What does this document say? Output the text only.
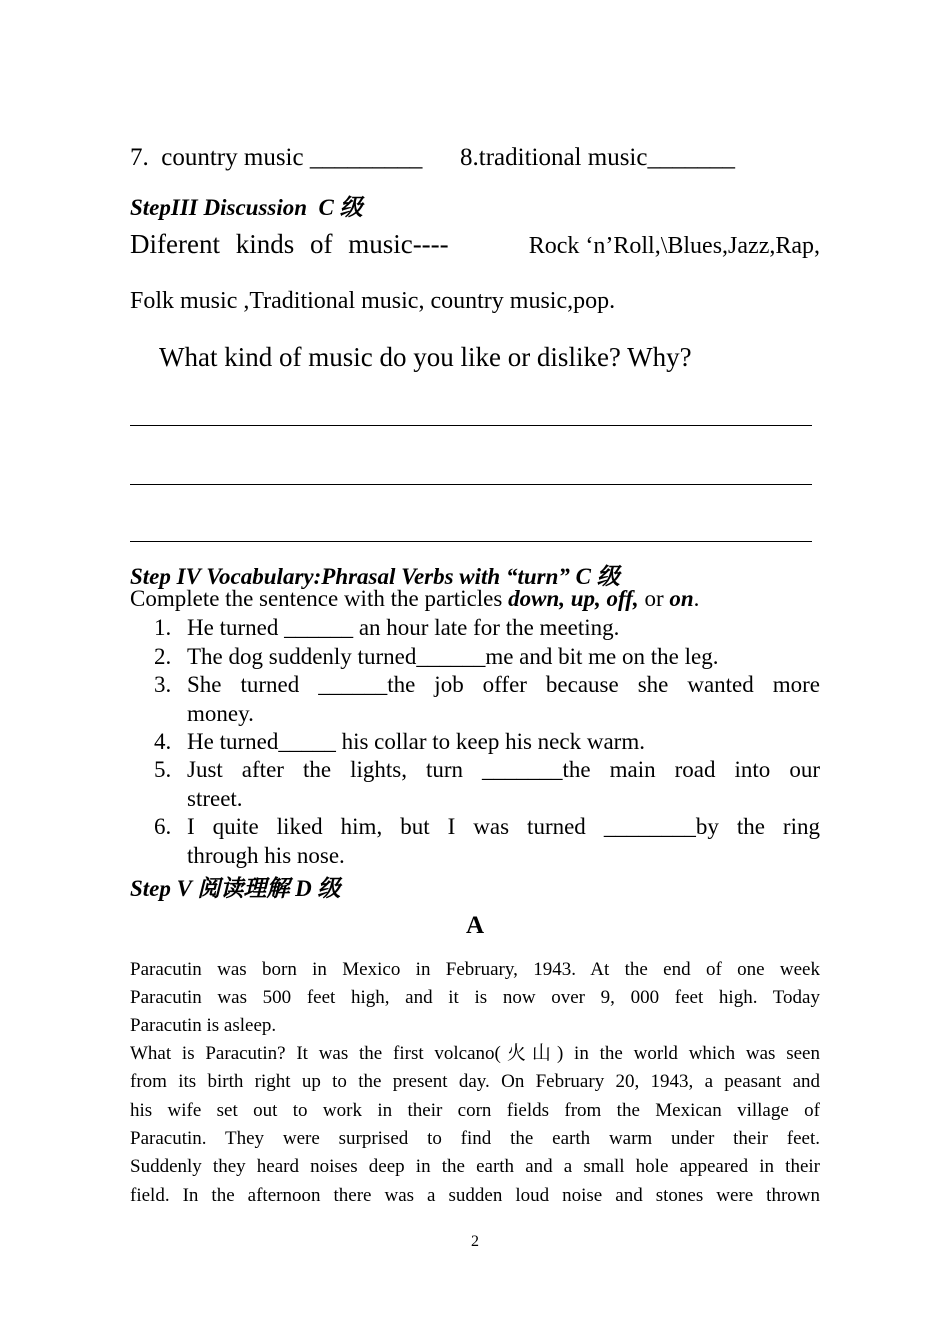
7.  country music _________ 8.traditional music_______
StepIII Discussion  C 级
Diferent kinds of music----	Rock ‘n’Roll,\Blues,Jazz,Rap,
Folk music ,Traditional music, country music,pop.
What kind of music do you like or dislike? Why?
Step IV Vocabulary:Phrasal Verbs with “turn” C 级
Complete the sentence with the particles down, up, off, or on.
1. He turned ______ an hour late for the meeting.
2. The dog suddenly turned______me and bit me on the leg.
3. She turned ______the job offer because she wanted more
money.
4. He turned_____ his collar to keep his neck warm.
5. Just after the lights, turn _______the main road into our
street.
6. I quite liked him, but I was turned ________by the ring
through his nose.
Step V 阅读理解 D 级
A
Paracutin was born in Mexico in February, 1943. At the end of one week
Paracutin was 500 feet high, and it is now over 9, 000 feet high. Today
Paracutin is asleep.
What is Paracutin? It was the first volcano(火山) in the world which was seen
from its birth right up to the present day. On February 20, 1943, a peasant and
his wife set out to work in their corn fields from the Mexican village of
Paracutin. They were surprised to find the earth warm under their feet.
Suddenly they heard noises deep in the earth and a small hole appeared in their
field. In the afternoon there was a sudden loud noise and stones were thrown
2
